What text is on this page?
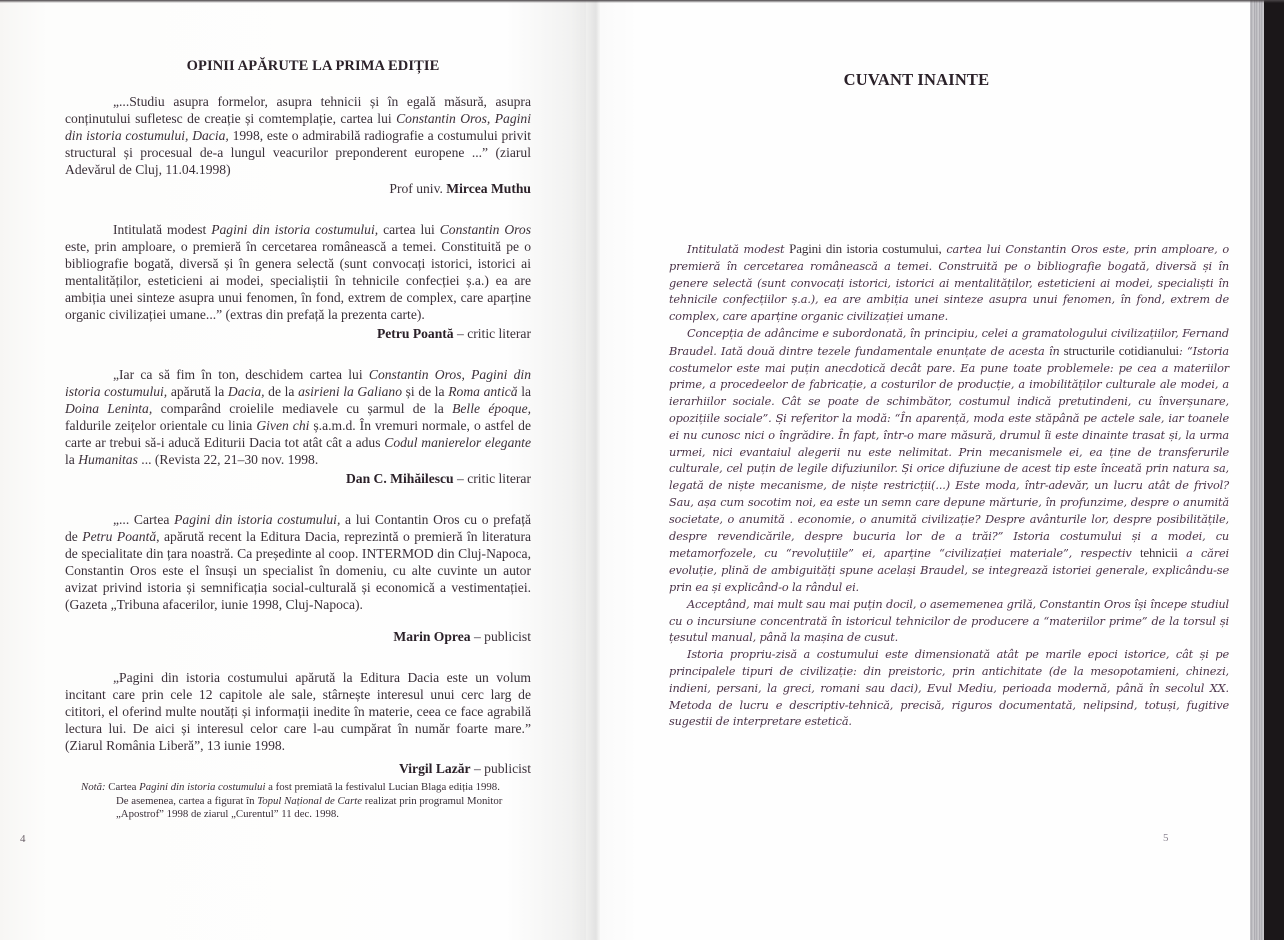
OPINII APĂRUTE LA PRIMA EDIȚIE

„...Studiu asupra formelor, asupra tehnicii și în egală măsură, asupra conținutului sufletesc de creație și comtemplație, cartea lui Constantin Oros, Pagini din istoria costumului, Dacia, 1998, este o admirabilă radiografie a costumului privit structural și procesual de-a lungul veacurilor preponderent europene ...” (ziarul Adevărul de Cluj, 11.04.1998)

Prof univ. Mircea Muthu

Intitulată modest Pagini din istoria costumului, cartea lui Constantin Oros este, prin amploare, o premieră în cercetarea românească a temei. Constituită pe o bibliografie bogată, diversă și în genera selectă (sunt convocați istorici, istorici ai mentalităților, esteticieni ai modei, specialiștii în tehnicile confecției ș.a.) ea are ambiția unei sinteze asupra unui fenomen, în fond, extrem de complex, care aparține organic civilizației umane...” (extras din prefață la prezenta carte).

Petru Poantă – critic literar

„Iar ca să fim în ton, deschidem cartea lui Constantin Oros, Pagini din istoria costumului, apărută la Dacia, de la asirieni la Galiano și de la Roma antică la Doina Leninta, comparând croielile mediavele cu șarmul de la Belle époque, faldurile zeițelor orientale cu linia Given chi ș.a.m.d. În vremuri normale, o astfel de carte ar trebui să-i aducă Editurii Dacia tot atât cât a adus Codul manierelor elegante la Humanitas ... (Revista 22, 21–30 nov. 1998.

Dan C. Mihăilescu – critic literar

„... Cartea Pagini din istoria costumului, a lui Contantin Oros cu o prefață de Petru Poantă, apărută recent la Editura Dacia, reprezintă o premieră în literatura de specialitate din țara noastră. Ca președinte al coop. INTERMOD din Cluj-Napoca, Constantin Oros este el însuși un specialist în domeniu, cu alte cuvinte un autor avizat privind istoria și semnificația social-culturală și economică a vestimentației. (Gazeta „Tribuna afacerilor, iunie 1998, Cluj-Napoca).

Marin Oprea – publicist

„Pagini din istoria costumului apărută la Editura Dacia este un volum incitant care prin cele 12 capitole ale sale, stârnește interesul unui cerc larg de cititori, el oferind multe noutăți și informații inedite în materie, ceea ce face agrabilă lectura lui. De aici și interesul celor care l-au cumpărat în număr foarte mare.” (Ziarul România Liberă”, 13 iunie 1998.

Virgil Lazăr – publicist

Notă: Cartea Pagini din istoria costumului a fost premiată la festivalul Lucian Blaga ediția 1998.
De asemenea, cartea a figurat în Topul Național de Carte realizat prin programul Monitor „Apostrof” 1998 de ziarul „Curentul” 11 dec. 1998.
4
CUVANT INAINTE

Intitulată modest Pagini din istoria costumului, cartea lui Constantin Oros este, prin amploare, o premieră în cercetarea românească a temei. Construită pe o bibliografie bogată, diversă și în genere selectă (sunt convocați istorici, istorici ai mentalităților, esteticieni ai modei, specialiști în tehnicile confecțiilor ș.a.), ea are ambiția unei sinteze asupra unui fenomen, în fond, extrem de complex, care aparține organic civilizației umane.

Concepția de adâncime e subordonată, în principiu, celei a gramatologului civilizațiilor, Fernand Braudel. Iată două dintre tezele fundamentale enunțate de acesta în structurile cotidianului: “Istoria costumelor este mai puțin anecdotică decât pare. Ea pune toate problemele: pe cea a materiilor prime, a procedeelor de fabricație, a costurilor de producție, a imobilităților culturale ale modei, a ierarhiilor sociale. Cât se poate de schimbător, costumul indică pretutindeni, cu înverșunare, opozițiile sociale”. Și referitor la modă: “În aparență, moda este stăpână pe actele sale, iar toanele ei nu cunosc nici o îngrădire. În fapt, într-o mare măsură, drumul îi este dinainte trasat și, la urma urmei, nici evantaiul alegerii nu este nelimitat. Prin mecanismele ei, ea ține de transferurile culturale, cel puțin de legile difuziunilor. Și orice difuziune de acest tip este înceată prin natura sa, legată de niște mecanisme, de niște restricții(...) Este moda, într-adevăr, un lucru atât de frivol? Sau, așa cum socotim noi, ea este un semn care depune mărturie, în profunzime, despre o anumită societate, o anumită . economie, o anumită civilizație? Despre avânturile lor, despre posibilitățile, despre revendicările, despre bucuria lor de a trăi?” Istoria costumului și a modei, cu metamorfozele, cu “revoluțiile” ei, aparține “civilizației materiale”, respectiv tehnicii a cărei evoluție, plină de ambiguități spune același Braudel, se integrează istoriei generale, explicându-se prin ea și explicând-o la rândul ei.

Acceptând, mai mult sau mai puțin docil, o asememenea grilă, Constantin Oros își începe studiul cu o incursiune concentrată în istoricul tehnicilor de producere a “materiilor prime” de la torsul și țesutul manual, până la mașina de cusut.

Istoria propriu-zisă a costumului este dimensionată atât pe marile epoci istorice, cât și pe principalele tipuri de civilizație: din preistoric, prin antichitate (de la mesopotamieni, chinezi, indieni, persani, la greci, romani sau daci), Evul Mediu, perioada modernă, până în secolul XX. Metoda de lucru e descriptiv-tehnică, precisă, riguros documentată, nelipsind, totuși, fugitive sugestii de interpretare estetică.

5
